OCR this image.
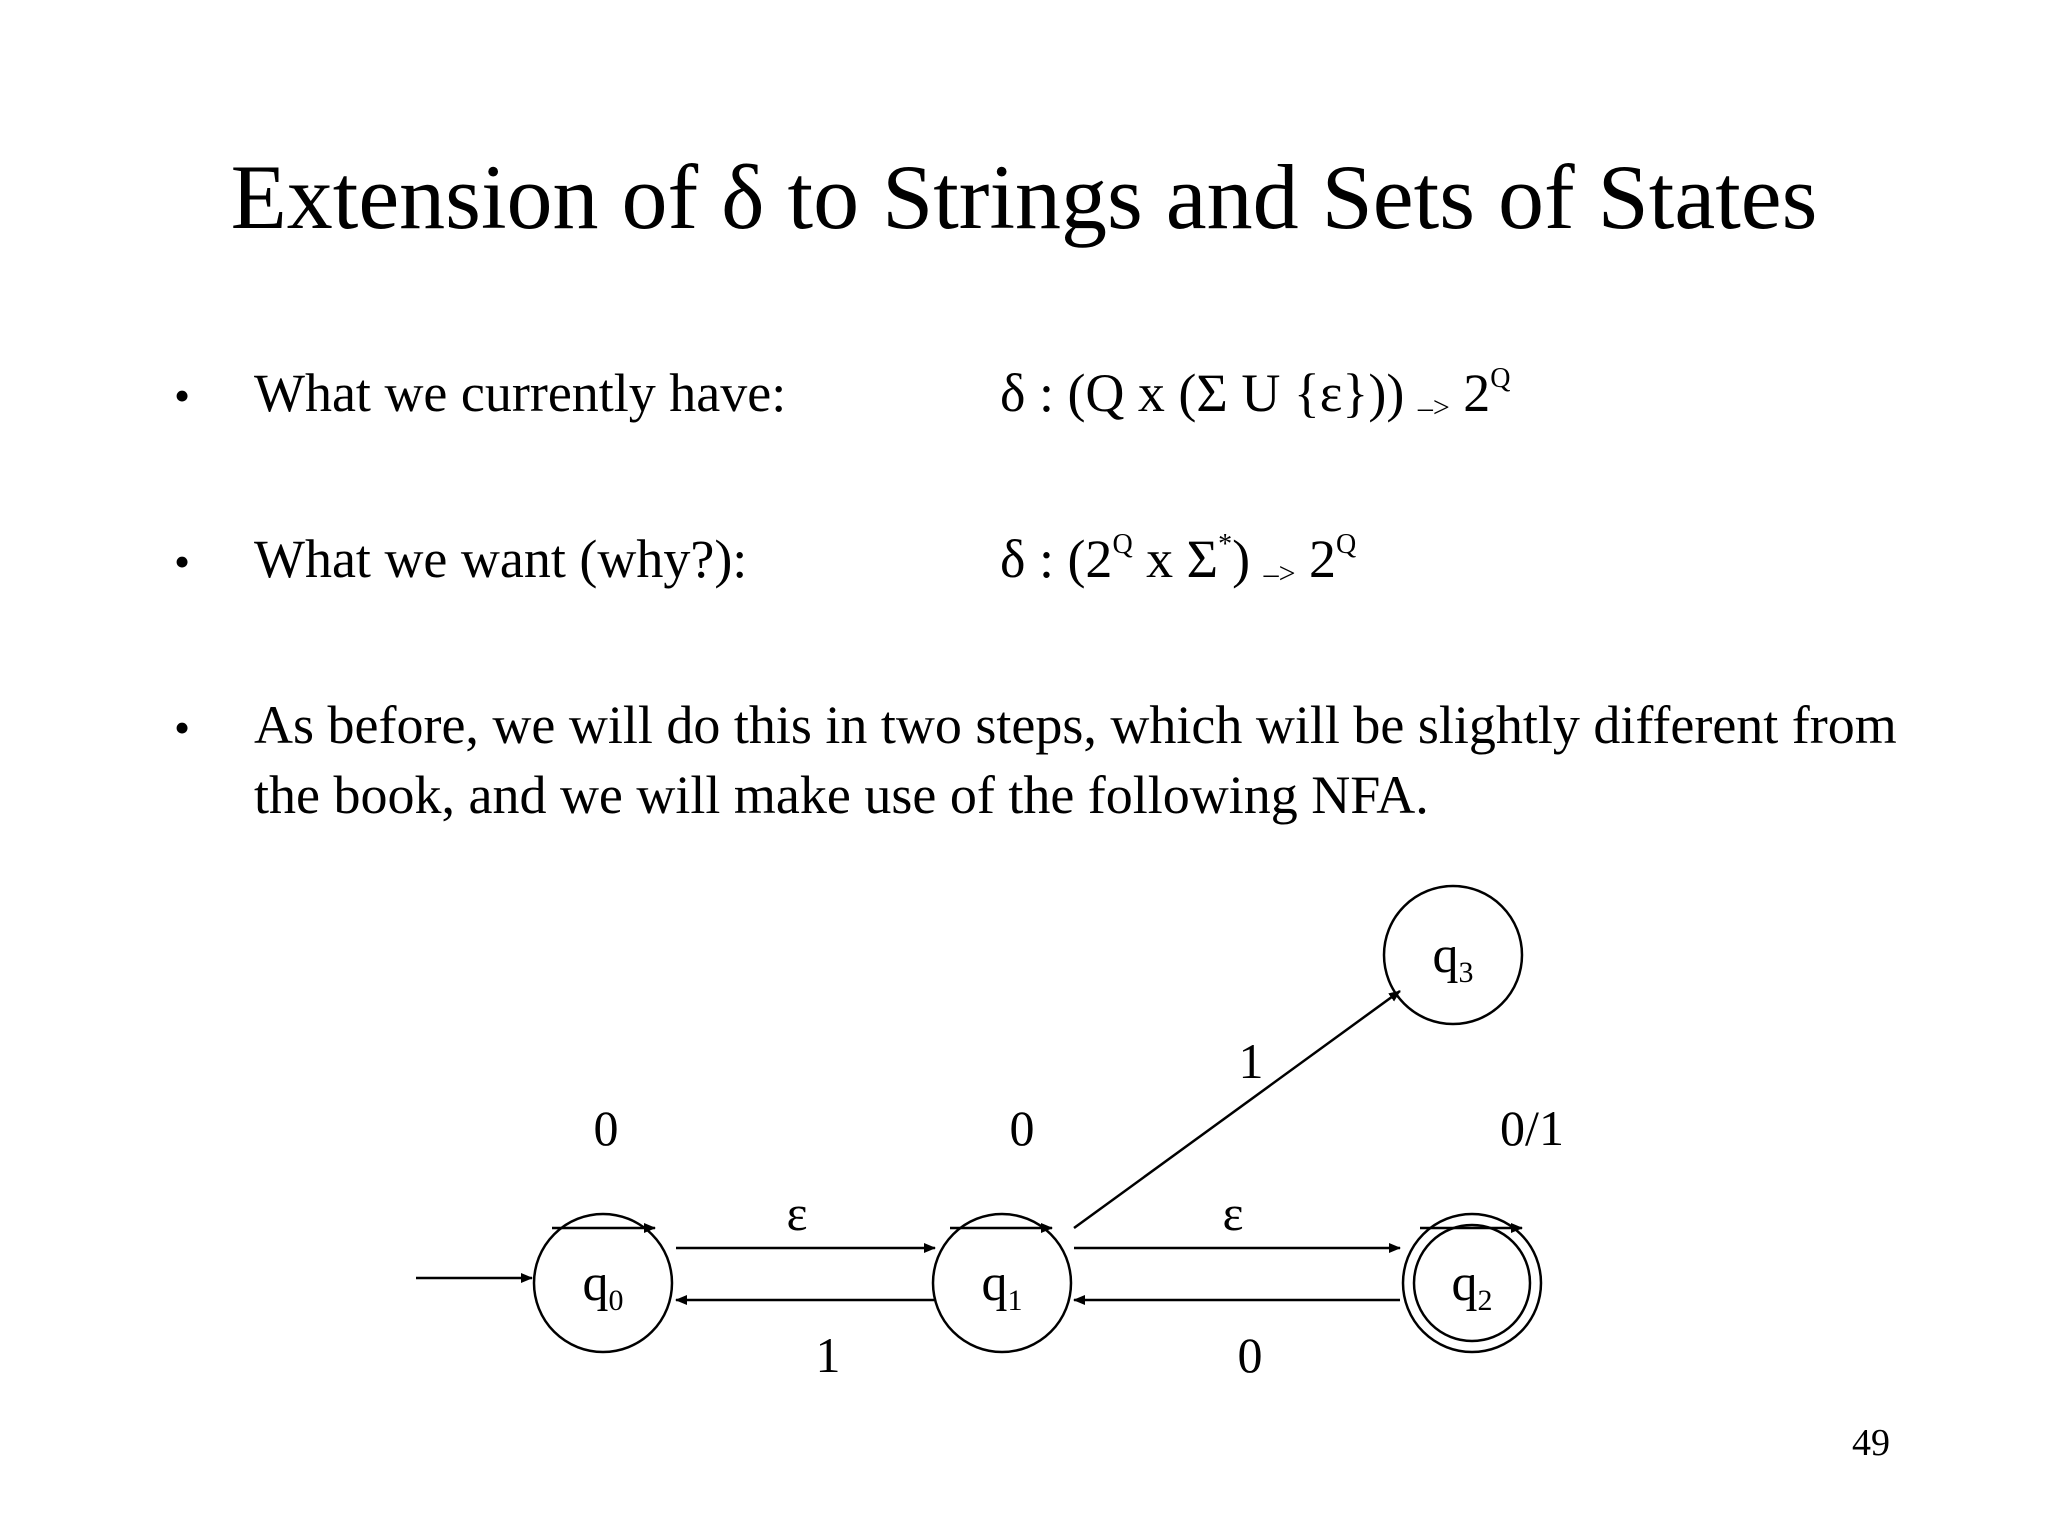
Extension of δ to Strings and Sets of States
• What we currently have:	δ : (Q x (Σ U $\{\varepsilon\})) -> 2^Q$
• What we want (why?):	δ : ($2^Q$ x $\Sigma^*) -> 2^Q$
• As before, we will do this in two steps, which will be slightly different from the book, and we will make use of the following NFA.
q0	q1	q2
q3
0
ε
1
0
ε
0
1
0/1
49
